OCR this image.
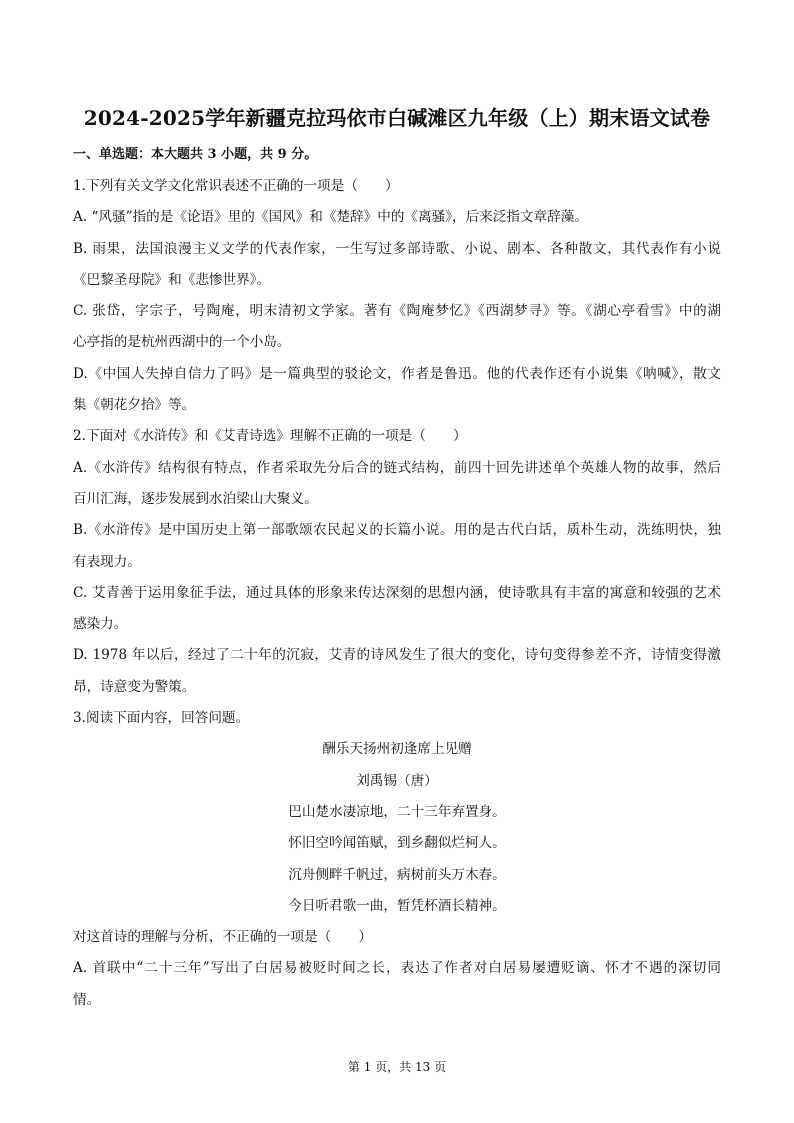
2024-2025学年新疆克拉玛依市白碱滩区九年级（上）期末语文试卷

一、单选题：本大题共 3 小题，共 9 分。

1.下列有关文学文化常识表述不正确的一项是（　　）
A. “风骚”指的是《论语》里的《国风》和《楚辞》中的《离骚》，后来泛指文章辞藻。
B. 雨果，法国浪漫主义文学的代表作家，一生写过多部诗歌、小说、剧本、各种散文，其代表作有小说
《巴黎圣母院》和《悲惨世界》。
C. 张岱，字宗子，号陶庵，明末清初文学家。著有《陶庵梦忆》《西湖梦寻》等。《湖心亭看雪》中的湖
心亭指的是杭州西湖中的一个小岛。
D.《中国人失掉自信力了吗》是一篇典型的驳论文，作者是鲁迅。他的代表作还有小说集《呐喊》，散文
集《朝花夕拾》等。
2.下面对《水浒传》和《艾青诗选》理解不正确的一项是（　　）
A.《水浒传》结构很有特点，作者采取先分后合的链式结构，前四十回先讲述单个英雄人物的故事，然后
百川汇海，逐步发展到水泊梁山大聚义。
B.《水浒传》是中国历史上第一部歌颂农民起义的长篇小说。用的是古代白话，质朴生动，洗练明快，独
有表现力。
C. 艾青善于运用象征手法，通过具体的形象来传达深刻的思想内涵，使诗歌具有丰富的寓意和较强的艺术
感染力。
D. 1978 年以后，经过了二十年的沉寂，艾青的诗风发生了很大的变化，诗句变得参差不齐，诗情变得激
昂，诗意变为警策。
3.阅读下面内容，回答问题。
酬乐天扬州初逢席上见赠
刘禹锡（唐）
巴山楚水凄凉地，二十三年弃置身。
怀旧空吟闻笛赋，到乡翻似烂柯人。
沉舟侧畔千帆过，病树前头万木春。
今日听君歌一曲，暂凭杯酒长精神。
对这首诗的理解与分析，不正确的一项是（　　）
A. 首联中“二十三年”写出了白居易被贬时间之长，表达了作者对白居易屡遭贬谪、怀才不遇的深切同
情。
第 1 页，共 13 页
